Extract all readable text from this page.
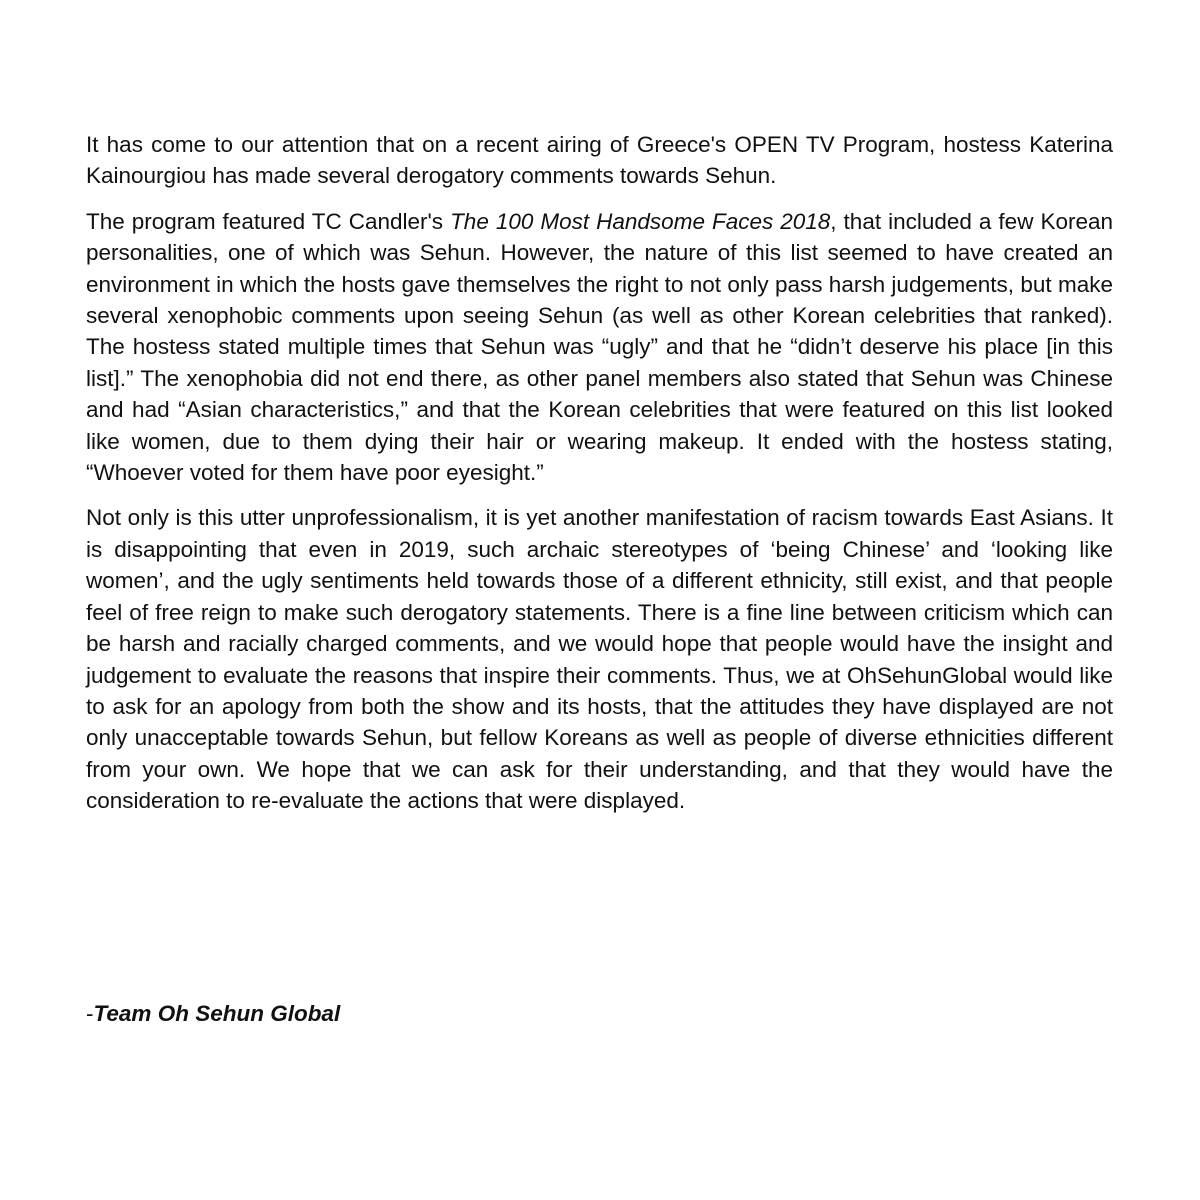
It has come to our attention that on a recent airing of Greece's OPEN TV Program, hostess Katerina Kainourgiou has made several derogatory comments towards Sehun.

The program featured TC Candler's The 100 Most Handsome Faces 2018, that included a few Korean personalities, one of which was Sehun. However, the nature of this list seemed to have created an environment in which the hosts gave themselves the right to not only pass harsh judgements, but make several xenophobic comments upon seeing Sehun (as well as other Korean celebrities that ranked). The hostess stated multiple times that Sehun was “ugly” and that he “didn’t deserve his place [in this list].” The xenophobia did not end there, as other panel members also stated that Sehun was Chinese and had “Asian characteristics,” and that the Korean celebrities that were featured on this list looked like women, due to them dying their hair or wearing makeup. It ended with the hostess stating, “Whoever voted for them have poor eyesight.”

Not only is this utter unprofessionalism, it is yet another manifestation of racism towards East Asians. It is disappointing that even in 2019, such archaic stereotypes of ‘being Chinese’ and ‘looking like women’, and the ugly sentiments held towards those of a different ethnicity, still exist, and that people feel of free reign to make such derogatory statements. There is a fine line between criticism which can be harsh and racially charged comments, and we would hope that people would have the insight and judgement to evaluate the reasons that inspire their comments. Thus, we at OhSehunGlobal would like to ask for an apology from both the show and its hosts, that the attitudes they have displayed are not only unacceptable towards Sehun, but fellow Koreans as well as people of diverse ethnicities different from your own. We hope that we can ask for their understanding, and that they would have the consideration to re-evaluate the actions that were displayed.

-Team Oh Sehun Global
